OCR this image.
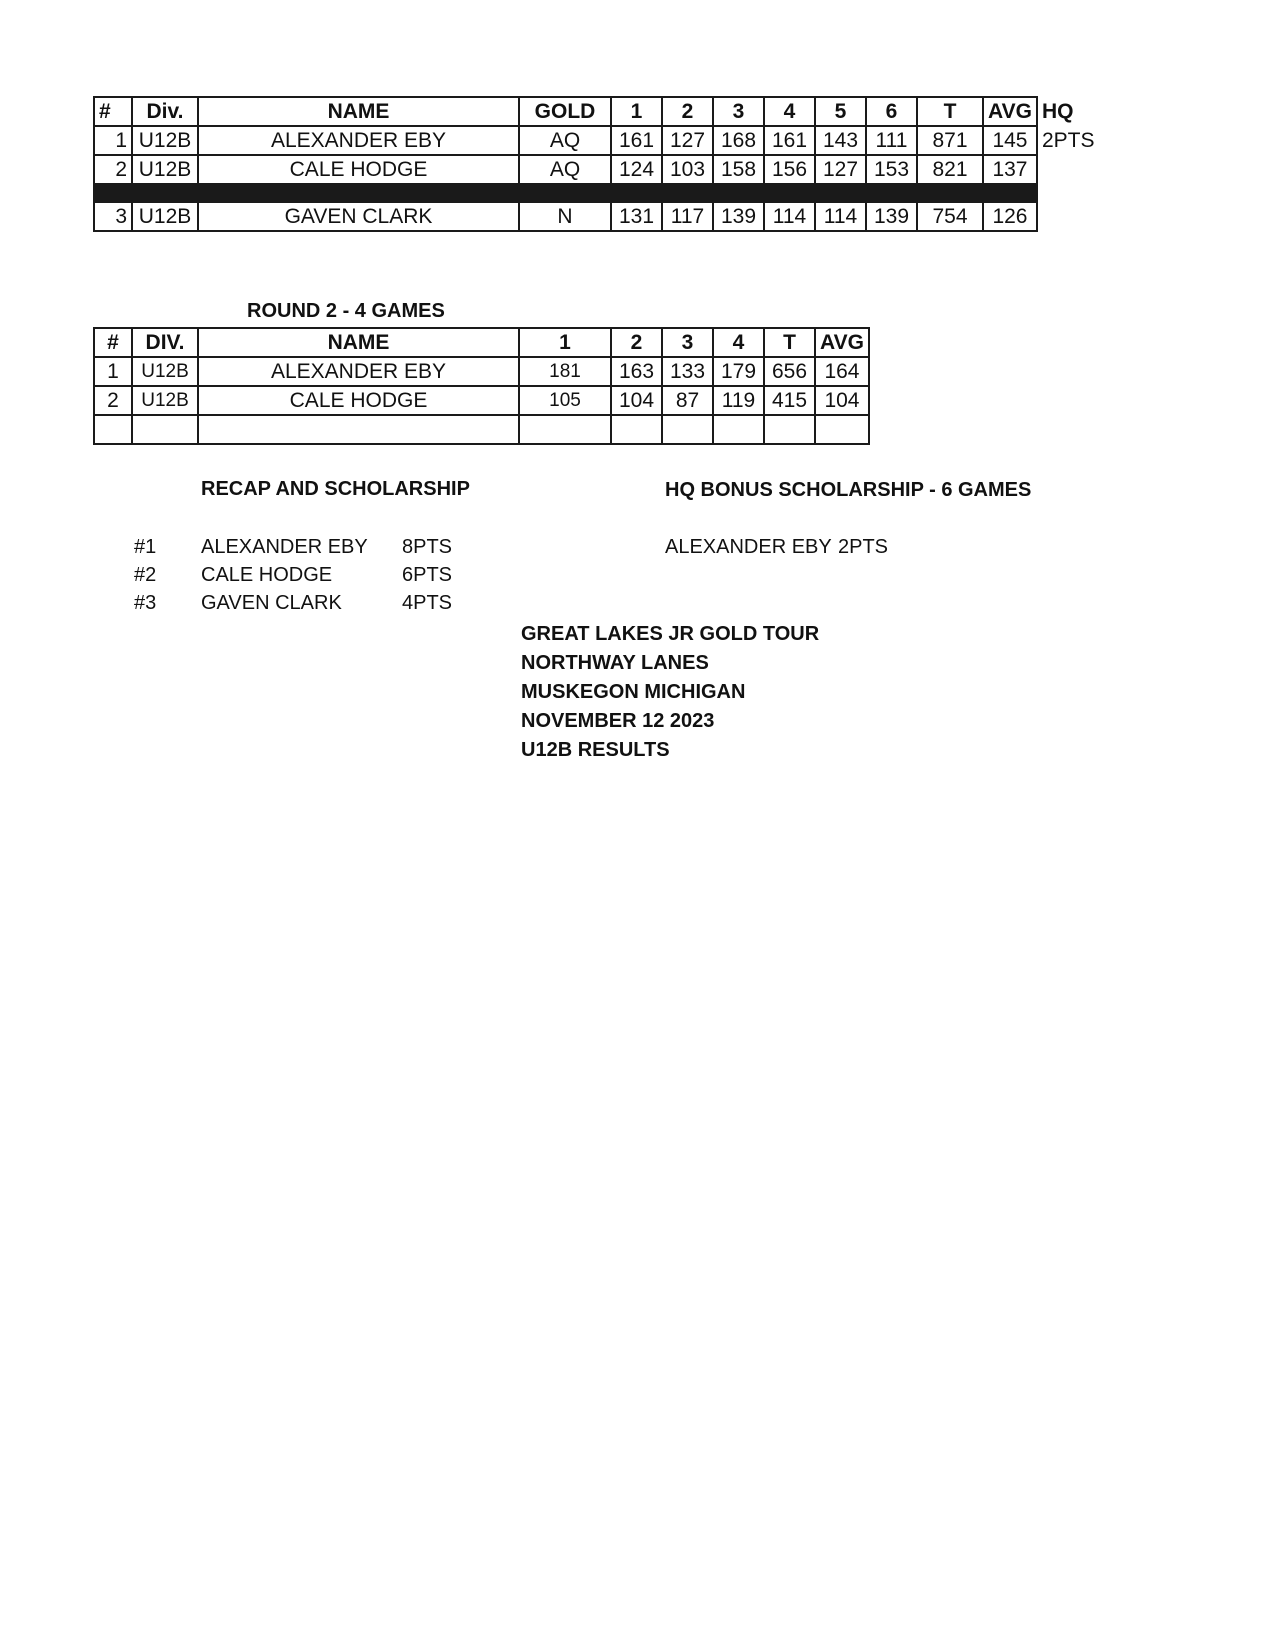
#	Div.	NAME	GOLD	1	2	3	4	5	6	T	AVG	HQ
1	U12B	ALEXANDER EBY	AQ	161	127	168	161	143	111	871	145	2PTS
2	U12B	CALE HODGE	AQ	124	103	158	156	127	153	821	137	

3	U12B	GAVEN CLARK	N	131	117	139	114	114	139	754	126	
ROUND 2 - 4 GAMES
#	DIV.	NAME	1	2	3	4	T	AVG
1	U12B	ALEXANDER EBY	181	163	133	179	656	164
2	U12B	CALE HODGE	105	104	87	119	415	104

RECAP AND SCHOLARSHIP
#1 ALEXANDER EBY 8PTS
#2 CALE HODGE	6PTS
#3 GAVEN CLARK	4PTS
HQ BONUS SCHOLARSHIP - 6 GAMES
ALEXANDER EBY 2PTS
GREAT LAKES JR GOLD TOUR
NORTHWAY LANES
MUSKEGON MICHIGAN
NOVEMBER 12 2023
U12B RESULTS
